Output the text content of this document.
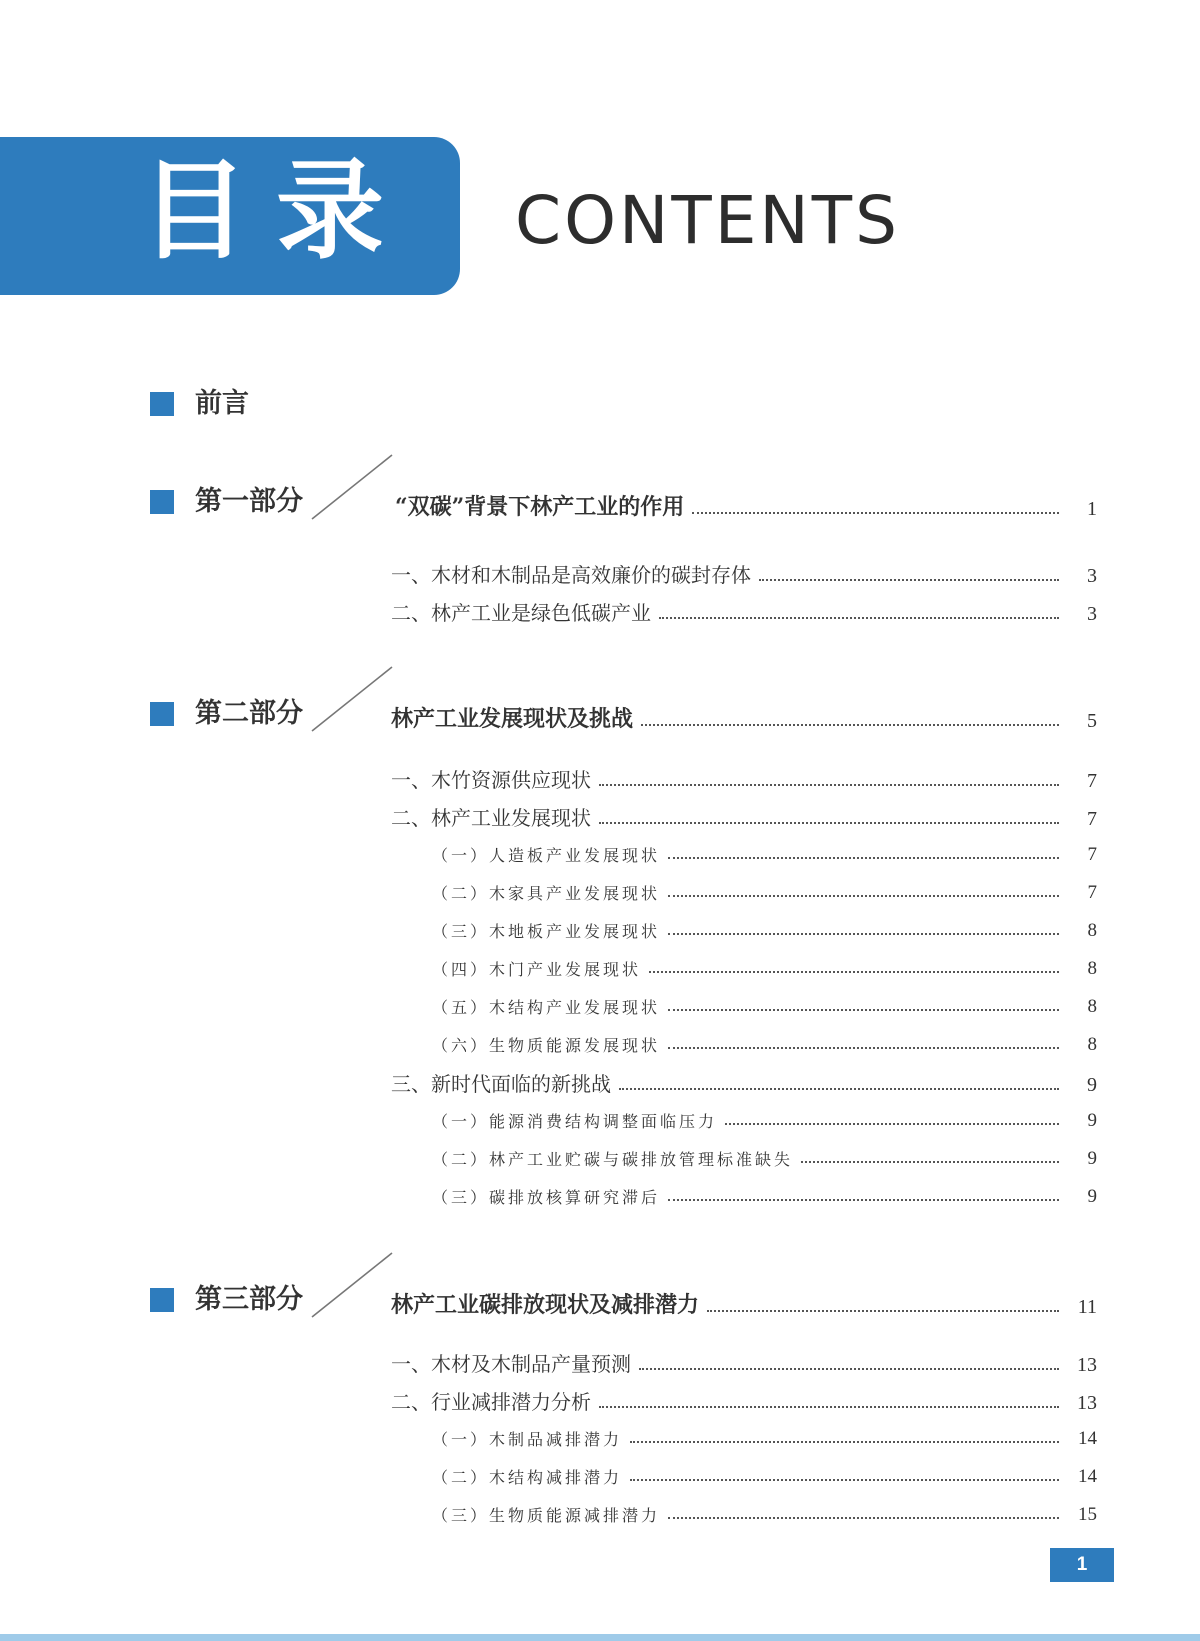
目录 CONTENTS
前言
第一部分	“双碳”背景下林产工业的作用	1
一、木材和木制品是高效廉价的碳封存体	3
二、林产工业是绿色低碳产业	3
第二部分	林产工业发展现状及挑战	5
一、木竹资源供应现状	7
二、林产工业发展现状	7
（一）人造板产业发展现状	7
（二）木家具产业发展现状	7
（三）木地板产业发展现状	8
（四）木门产业发展现状	8
（五）木结构产业发展现状	8
（六）生物质能源发展现状	8
三、新时代面临的新挑战	9
（一）能源消费结构调整面临压力	9
（二）林产工业贮碳与碳排放管理标准缺失	9
（三）碳排放核算研究滞后	9
第三部分	林产工业碳排放现状及减排潜力	11
一、木材及木制品产量预测	13
二、行业减排潜力分析	13
（一）木制品减排潜力	14
（二）木结构减排潜力	14
（三）生物质能源减排潜力	15
1
